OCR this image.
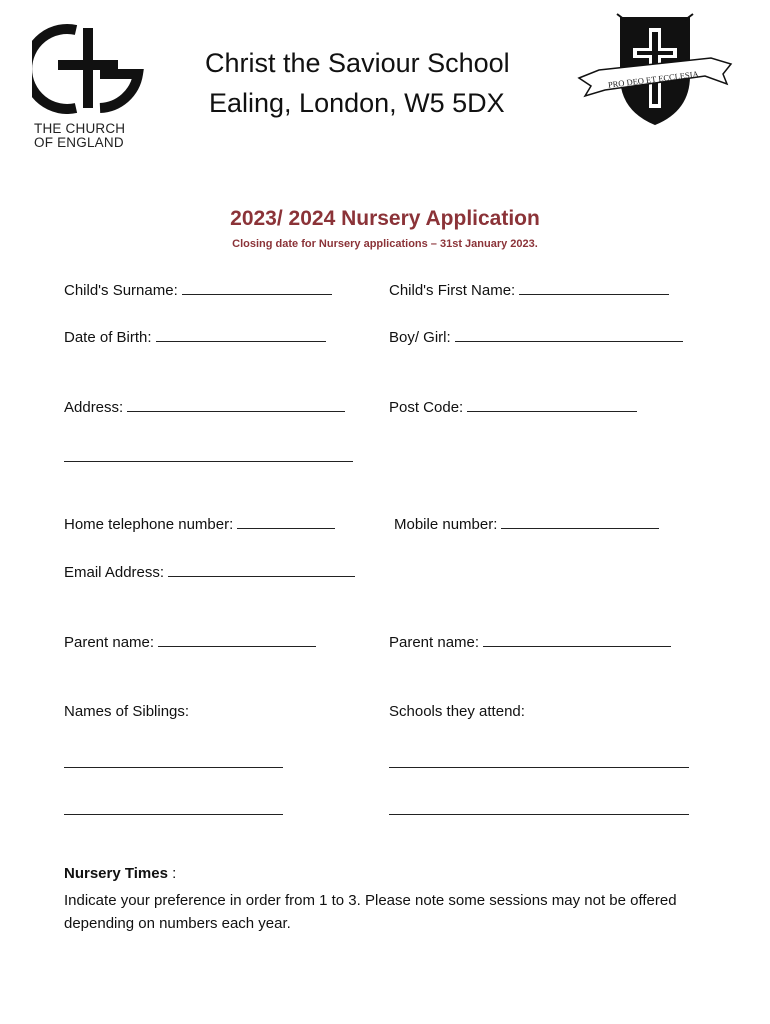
THE CHURCH
OF ENGLAND
Christ the Saviour School
Ealing, London, W5 5DX
PRO DEO ET ECCLESIA
2023/ 2024 Nursery Application
Closing date for Nursery applications – 31st January 2023.
Child's Surname:	Child's First Name:
Date of Birth:	Boy/ Girl:
Address:	Post Code:
Home telephone number:	Mobile number:
Email Address:
Parent name:	Parent name:
Names of Siblings:	Schools they attend:
Nursery Times :
Indicate your preference in order from 1 to 3. Please note some sessions may not be offered depending on numbers each year.
